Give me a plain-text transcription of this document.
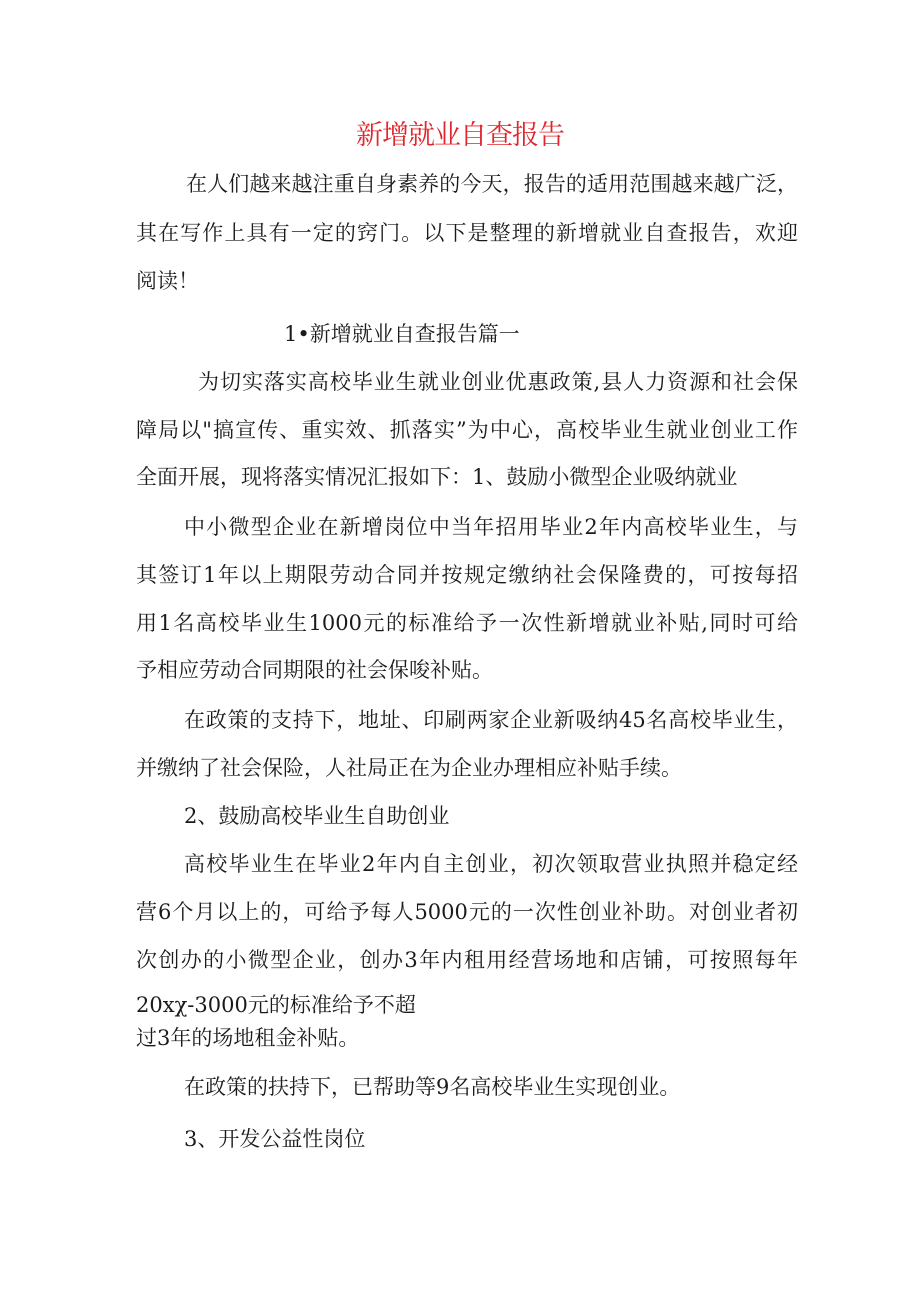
新增就业自查报告

在人们越来越注重自身素养的今天，报告的适用范围越来越广泛，

其在写作上具有一定的窍门。以下是整理的新增就业自查报告，欢迎

阅读！

1•新增就业自查报告篇一

为切实落实高校毕业生就业创业优惠政策,县人力资源和社会保

障局以"搞宣传、重实效、抓落实”为中心，高校毕业生就业创业工作

全面开展，现将落实情况汇报如下：1、鼓励小微型企业吸纳就业

中小微型企业在新增岗位中当年招用毕业2年内高校毕业生，与

其签订1年以上期限劳动合同并按规定缴纳社会保隆费的，可按每招

用1名高校毕业生1000元的标准给予一次性新增就业补贴,同时可给

予相应劳动合同期限的社会保唆补贴。

在政策的支持下，地址、印刷两家企业新吸纳45名高校毕业生，

并缴纳了社会保险，人社局正在为企业办理相应补贴手续。

2、鼓励高校毕业生自助创业

高校毕业生在毕业2年内自主创业，初次领取营业执照并稳定经

营6个月以上的，可给予每人5000元的一次性创业补助。对创业者初

次创办的小微型企业，创办3年内租用经营场地和店铺，可按照每年

20xχ-3000元的标准给予不超

过3年的场地租金补贴。

在政策的扶持下，已帮助等9名高校毕业生实现创业。

3、开发公益性岗位
